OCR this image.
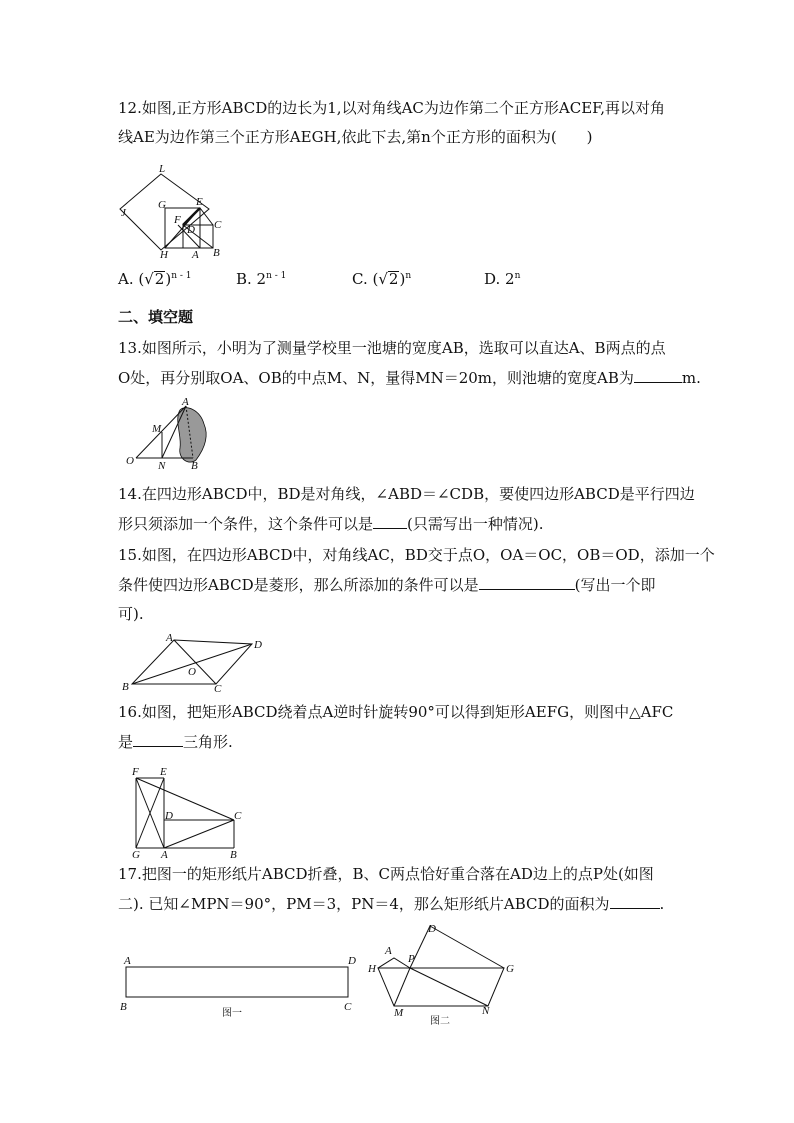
12.如图,正方形ABCD的边长为1,以对角线AC为边作第二个正方形ACEF,再以对角
线AE为边作第三个正方形AEGH,依此下去,第n个正方形的面积为(　　)
L
J
G	E
F	C
D
H A B
A. $(√2)^{n - 1}$	B. 2$^{n - 1}$	C. $(√2)^n$	D. 2$^n$
二、填空题
13.如图所示，小明为了测量学校里一池塘的宽度AB，选取可以直达A、B两点的点
O处，再分别取OA、OB的中点M、N，量得MN＝20m，则池塘的宽度AB为	m.
A
M
O N B
14.在四边形ABCD中，BD是对角线，∠ABD＝∠CDB，要使四边形ABCD是平行四边
形只须添加一个条件，这个条件可以是 (只需写出一种情况).
15.如图，在四边形ABCD中，对角线AC，BD交于点O，OA＝OC，OB＝OD，添加一个
条件使四边形ABCD是菱形，那么所添加的条件可以是	(写出一个即
可).
A
D
O
B	C
16.如图，把矩形ABCD绕着点A逆时针旋转90°可以得到矩形AEFG，则图中△AFC
是	三角形.
F E
D	C
G A	B
17.把图一的矩形纸片ABCD折叠，B、C两点恰好重合落在AD边上的点P处(如图
二). 已知∠MPN＝90°，PM＝3，PN＝4，那么矩形纸片ABCD的面积为	.
A	D
B	C
图一
D
A
H
P
G
M	N
图二
